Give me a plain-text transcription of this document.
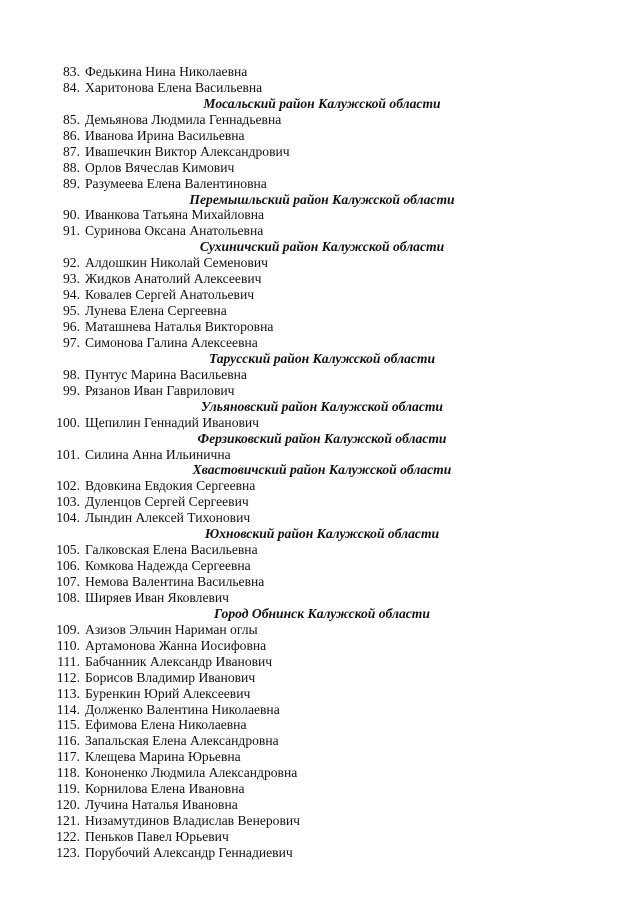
83. Федькина Нина Николаевна
84. Харитонова Елена Васильевна
Мосальский район Калужской области
85. Демьянова Людмила Геннадьевна
86. Иванова Ирина Васильевна
87. Ивашечкин Виктор Александрович
88. Орлов Вячеслав Кимович
89. Разумеева Елена Валентиновна
Перемышльский район Калужской области
90. Иванкова Татьяна Михайловна
91. Суринова Оксана Анатольевна
Сухиничский район Калужской области
92. Алдошкин Николай Семенович
93. Жидков Анатолий Алексеевич
94. Ковалев Сергей Анатольевич
95. Лунева Елена Сергеевна
96. Маташнева Наталья Викторовна
97. Симонова Галина Алексеевна
Тарусский район Калужской области
98. Пунтус Марина Васильевна
99. Рязанов Иван Гаврилович
Ульяновский район Калужской области
100. Щепилин Геннадий Иванович
Ферзиковский район Калужской области
101. Силина Анна Ильинична
Хвастовичский район Калужской области
102. Вдовкина Евдокия Сергеевна
103. Дуленцов Сергей Сергеевич
104. Лындин Алексей Тихонович
Юхновский район Калужской области
105. Галковская Елена Васильевна
106. Комкова Надежда Сергеевна
107. Немова Валентина Васильевна
108. Ширяев Иван Яковлевич
Город Обнинск Калужской области
109. Азизов Эльчин Нариман оглы
110. Артамонова Жанна Иосифовна
111. Бабчанник Александр Иванович
112. Борисов Владимир Иванович
113. Буренкин Юрий Алексеевич
114. Долженко Валентина Николаевна
115. Ефимова Елена Николаевна
116. Запальская Елена Александровна
117. Клещева Марина Юрьевна
118. Кононенко Людмила Александровна
119. Корнилова Елена Ивановна
120. Лучина Наталья Ивановна
121. Низамутдинов Владислав Венерович
122. Пеньков Павел Юрьевич
123. Порубочий Александр Геннадиевич
